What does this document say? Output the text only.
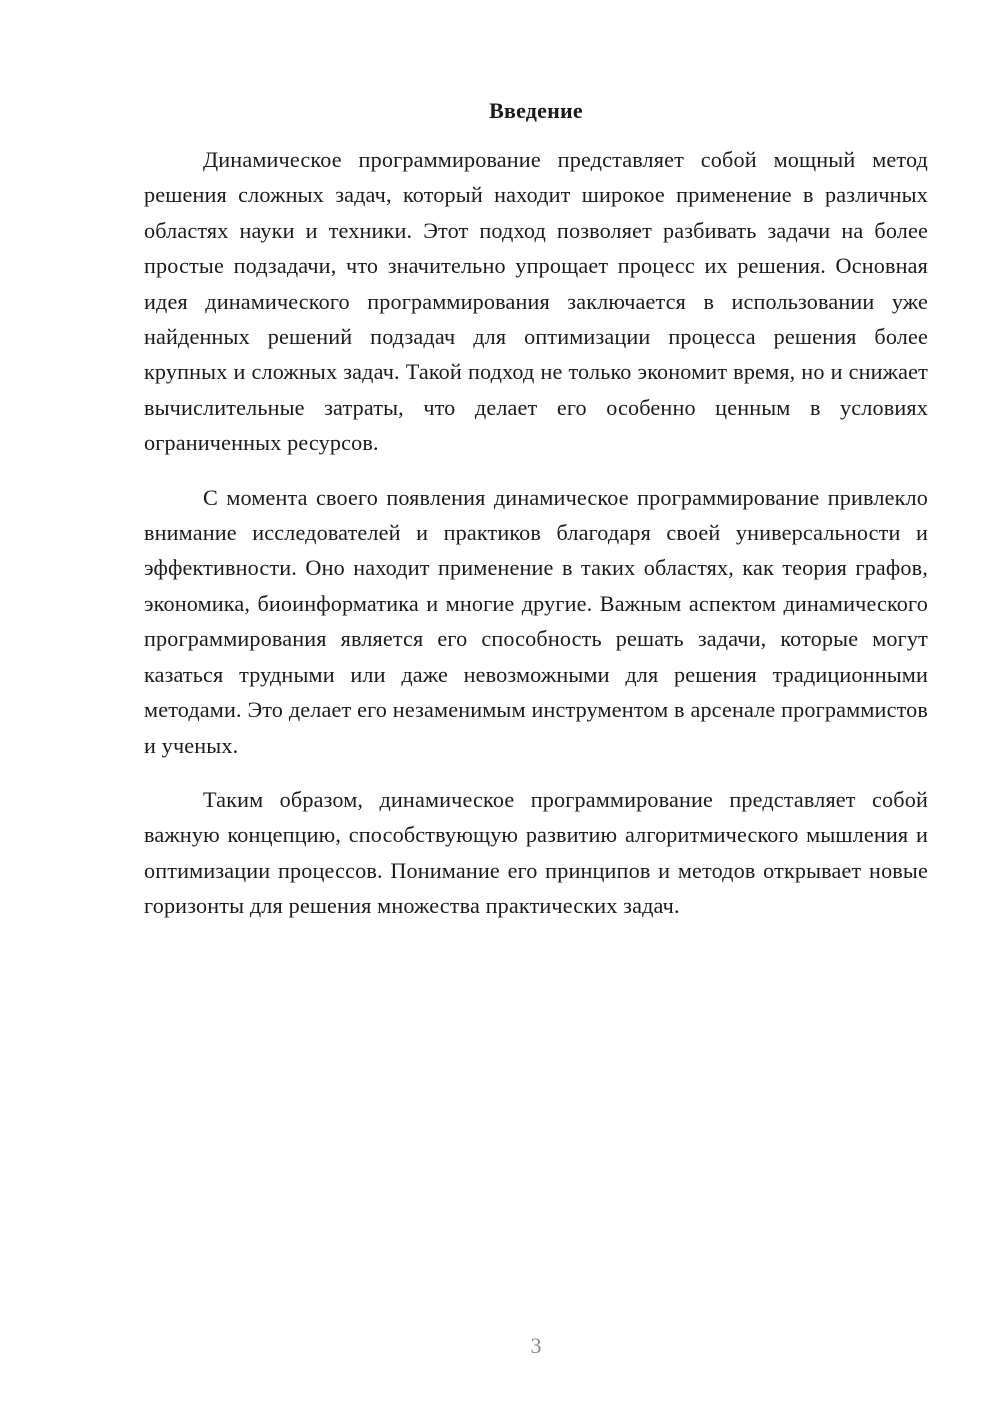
Введение

Динамическое программирование представляет собой мощный метод решения сложных задач, который находит широкое применение в различных областях науки и техники. Этот подход позволяет разбивать задачи на более простые подзадачи, что значительно упрощает процесс их решения. Основная идея динамического программирования заключается в использовании уже найденных решений подзадач для оптимизации процесса решения более крупных и сложных задач. Такой подход не только экономит время, но и снижает вычислительные затраты, что делает его особенно ценным в условиях ограниченных ресурсов.

С момента своего появления динамическое программирование привлекло внимание исследователей и практиков благодаря своей универсальности и эффективности. Оно находит применение в таких областях, как теория графов, экономика, биоинформатика и многие другие. Важным аспектом динамического программирования является его способность решать задачи, которые могут казаться трудными или даже невозможными для решения традиционными методами. Это делает его незаменимым инструментом в арсенале программистов и ученых.

Таким образом, динамическое программирование представляет собой важную концепцию, способствующую развитию алгоритмического мышления и оптимизации процессов. Понимание его принципов и методов открывает новые горизонты для решения множества практических задач.

3
